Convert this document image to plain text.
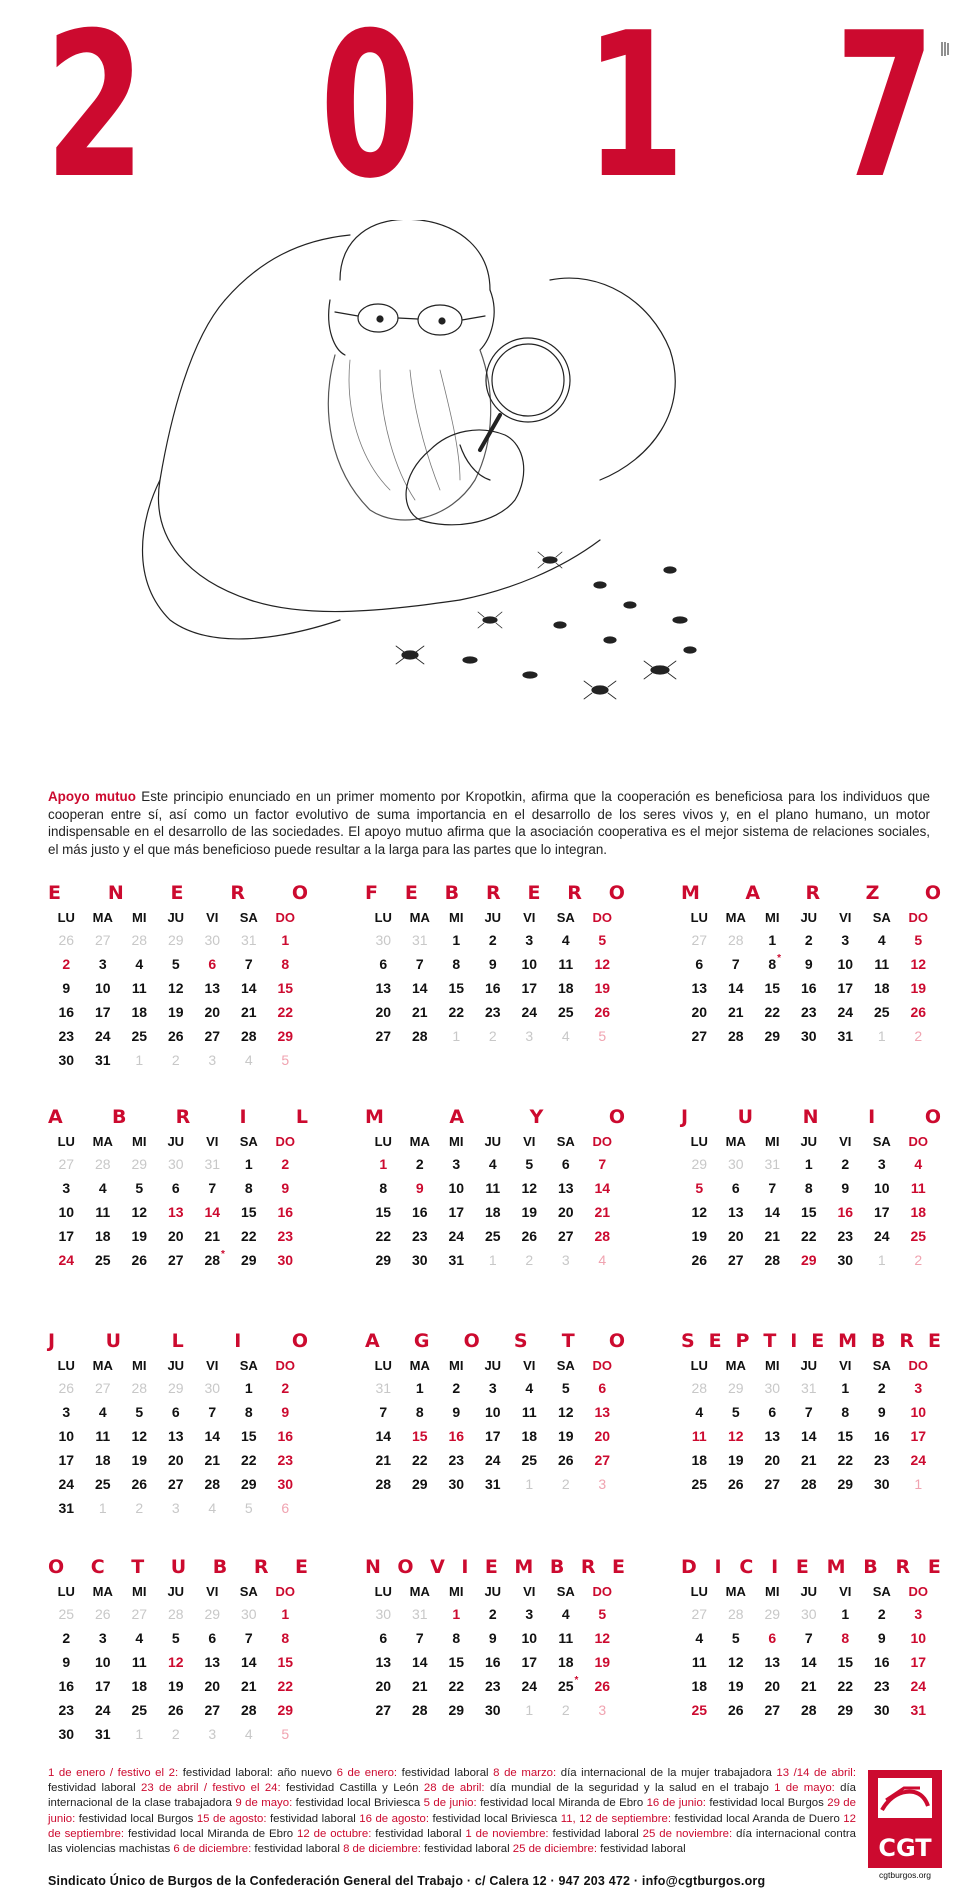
2 0 1 7

Apoyo mutuo Este principio enunciado en un primer momento por Kropotkin, afirma que la cooperación es beneficiosa para los individuos que cooperan entre sí, así como un factor evolutivo de suma importancia en el desarrollo de los seres vivos y, en el plano humano, un motor indispensable en el desarrollo de las sociedades. El apoyo mutuo afirma que la asociación cooperativa es el mejor sistema de relaciones sociales, el más justo y el que más beneficioso puede resultar a la larga para las partes que lo integran.

E N E R O
LU	MA	MI	JU	VI	SA	DO
26	27	28	29	30	31	1
2	3	4	5	6	7	8
9	10	11	12	13	14	15
16	17	18	19	20	21	22
23	24	25	26	27	28	29
30	31	1	2	3	4	5
F E B R E R O
LU	MA	MI	JU	VI	SA	DO
30	31	1	2	3	4	5
6	7	8	9	10	11	12
13	14	15	16	17	18	19
20	21	22	23	24	25	26
27	28	1	2	3	4	5
M A R Z O
LU	MA	MI	JU	VI	SA	DO
27	28	1	2	3	4	5
6	7	8 *	9	10	11	12
13	14	15	16	17	18	19
20	21	22	23	24	25	26
27	28	29	30	31	1	2
A	B	R	I	L
LU	MA	MI	JU	VI	SA	DO
27	28	29	30	31	1	2
3	4	5	6	7	8	9
10	11	12	13	14	15	16
17	18	19	20	21	22	23
24	25	26	27	28 *	29	30
M	A	Y	O
LU	MA	MI	JU	VI	SA	DO
1	2	3	4	5	6	7
8	9	10	11	12	13	14
15	16	17	18	19	20	21
22	23	24	25	26	27	28
29	30	31	1	2	3	4
J	U	N	I	O
LU	MA	MI	JU	VI	SA	DO
29	30	31	1	2	3	4
5	6	7	8	9	10	11
12	13	14	15	16	17	18
19	20	21	22	23	24	25
26	27	28	29	30	1	2
J	U	L	I	O
LU	MA	MI	JU	VI	SA	DO
26	27	28	29	30	1	2
3	4	5	6	7	8	9
10	11	12	13	14	15	16
17	18	19	20	21	22	23
24	25	26	27	28	29	30
31	1	2	3	4	5	6
A G O S T O
LU	MA	MI	JU	VI	SA	DO
31	1	2	3	4	5	6
7	8	9	10	11	12	13
14	15	16	17	18	19	20
21	22	23	24	25	26	27
28	29	30	31	1	2	3
S E P T I E M B R E
LU	MA	MI	JU	VI	SA	DO
28	29	30	31	1	2	3
4	5	6	7	8	9	10
11	12	13	14	15	16	17
18	19	20	21	22	23	24
25	26	27	28	29	30	1
O C T U B R E
LU	MA	MI	JU	VI	SA	DO
25	26	27	28	29	30	1
2	3	4	5	6	7	8
9	10	11	12	13	14	15
16	17	18	19	20	21	22
23	24	25	26	27	28	29
30	31	1	2	3	4	5
N O V I E M B R E
LU	MA	MI	JU	VI	SA	DO
30	31	1	2	3	4	5
6	7	8	9	10	11	12
13	14	15	16	17	18	19
20	21	22	23	24	25 *	26
27	28	29	30	1	2	3
D I C I E M B R E
LU	MA	MI	JU	VI	SA	DO
27	28	29	30	1	2	3
4	5	6	7	8	9	10
11	12	13	14	15	16	17
18	19	20	21	22	23	24
25	26	27	28	29	30	31

1 de enero / festivo el 2: festividad laboral: año nuevo 6 de enero: festividad laboral 8 de marzo: día internacional de la mujer trabajadora 13 /14 de abril: festividad laboral 23 de abril / festivo el 24: festividad Castilla y León 28 de abril: día mundial de la seguridad y la salud en el trabajo 1 de mayo: día internacional de la clase trabajadora 9 de mayo: festividad local Briviesca 5 de junio: festividad local Miranda de Ebro 16 de junio: festividad local Burgos 29 de junio: festividad local Burgos 15 de agosto: festividad laboral 16 de agosto: festividad local Briviesca 11, 12 de septiembre: festividad local Aranda de Duero 12 de septiembre: festividad local Miranda de Ebro 12 de octubre: festividad laboral 1 de noviembre: festividad laboral 25 de noviembre: día internacional contra las violencias machistas 6 de diciembre: festividad laboral 8 de diciembre: festividad laboral 25 de diciembre: festividad laboral

Sindicato Único de Burgos de la Confederación General del Trabajo · c/ Calera 12 · 947 203 472 · info@cgtburgos.org
CGT
cgtburgos.org
